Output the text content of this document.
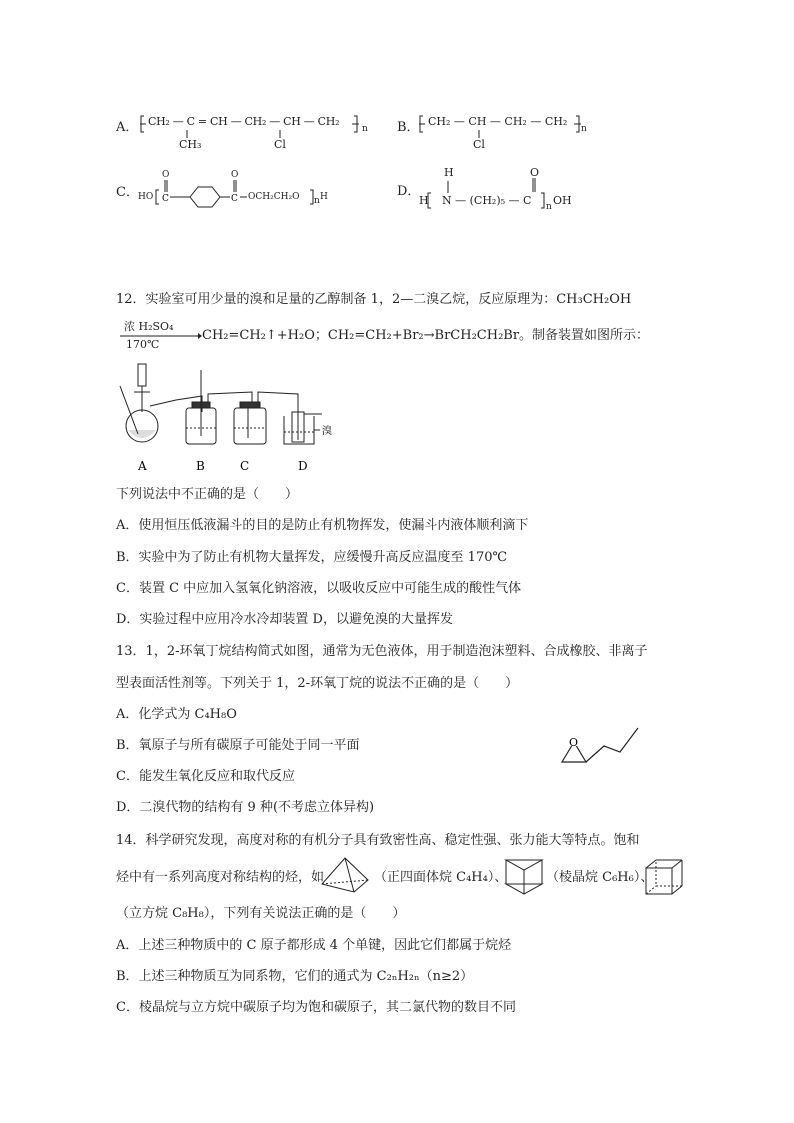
A． CH₂ — C = CH — CH₂ — CH — CH₂
n
CH₃	Cl
B． CH₂ — CH — CH₂ — CH₂
n
Cl
C． HO C	C
O	O
OCH₂CH₂O n H	D．
H
H N — (CH₂)₅ — C
O
n OH
12．实验室可用少量的溴和足量的乙醇制备 1，2—二溴乙烷，反应原理为：CH₃CH₂OH
浓 H₂SO₄
170℃
CH₂=CH₂↑+H₂O；CH₂=CH₂+Br₂→BrCH₂CH₂Br。制备装置如图所示：
A	B	C	D
溴
下列说法中不正确的是（　　）
A．使用恒压低液漏斗的目的是防止有机物挥发，使漏斗内液体顺利滴下
B．实验中为了防止有机物大量挥发，应缓慢升高反应温度至 170℃
C．装置 C 中应加入氢氧化钠溶液，以吸收反应中可能生成的酸性气体
D．实验过程中应用冷水冷却装置 D，以避免溴的大量挥发
13．1，2-环氧丁烷结构简式如图，通常为无色液体，用于制造泡沫塑料、合成橡胶、非离子
型表面活性剂等。下列关于 1，2-环氧丁烷的说法不正确的是（　　）
A．化学式为 C₄H₈O
B．氧原子与所有碳原子可能处于同一平面
C．能发生氧化反应和取代反应
D．二溴代物的结构有 9 种(不考虑立体异构)
O
14．科学研究发现，高度对称的有机分子具有致密性高、稳定性强、张力能大等特点。饱和
烃中有一系列高度对称结构的烃，如	（正四面体烷 C₄H₄）、	（棱晶烷 C₆H₆）、
（立方烷 C₈H₈），下列有关说法正确的是（　　）
A．上述三种物质中的 C 原子都形成 4 个单键，因此它们都属于烷烃
B．上述三种物质互为同系物，它们的通式为 C₂ₙH₂ₙ（n≥2）
C．棱晶烷与立方烷中碳原子均为饱和碳原子，其二氯代物的数目不同
